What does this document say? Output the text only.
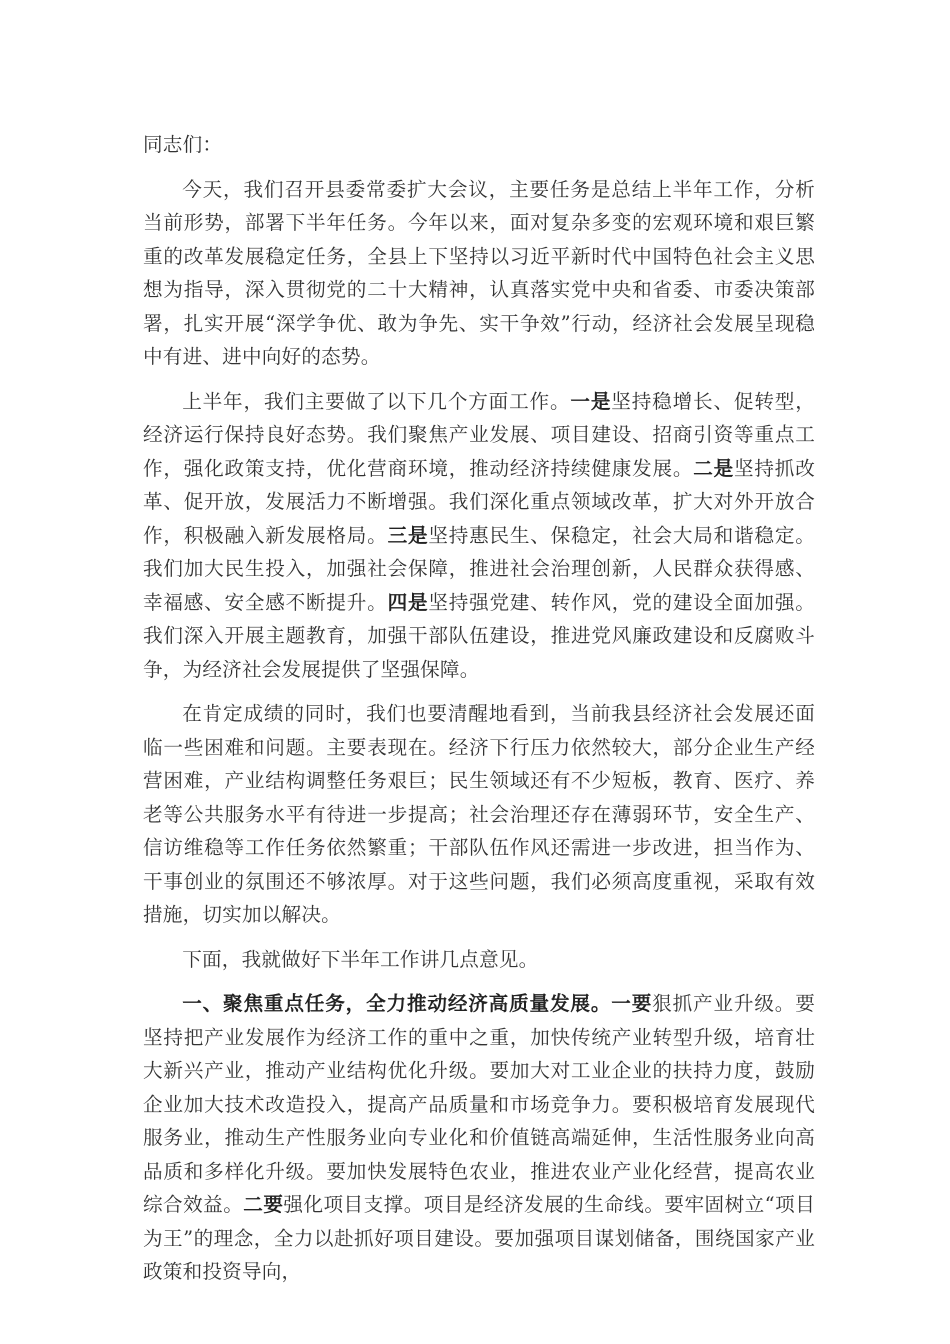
同志们：

今天，我们召开县委常委扩大会议，主要任务是总结上半年工作，分析当前形势，部署下半年任务。今年以来，面对复杂多变的宏观环境和艰巨繁重的改革发展稳定任务，全县上下坚持以习近平新时代中国特色社会主义思想为指导，深入贯彻党的二十大精神，认真落实党中央和省委、市委决策部署，扎实开展“深学争优、敢为争先、实干争效”行动，经济社会发展呈现稳中有进、进中向好的态势。

上半年，我们主要做了以下几个方面工作。一是坚持稳增长、促转型，经济运行保持良好态势。我们聚焦产业发展、项目建设、招商引资等重点工作，强化政策支持，优化营商环境，推动经济持续健康发展。二是坚持抓改革、促开放，发展活力不断增强。我们深化重点领域改革，扩大对外开放合作，积极融入新发展格局。三是坚持惠民生、保稳定，社会大局和谐稳定。我们加大民生投入，加强社会保障，推进社会治理创新，人民群众获得感、幸福感、安全感不断提升。四是坚持强党建、转作风，党的建设全面加强。我们深入开展主题教育，加强干部队伍建设，推进党风廉政建设和反腐败斗争，为经济社会发展提供了坚强保障。

在肯定成绩的同时，我们也要清醒地看到，当前我县经济社会发展还面临一些困难和问题。主要表现在。经济下行压力依然较大，部分企业生产经营困难，产业结构调整任务艰巨；民生领域还有不少短板，教育、医疗、养老等公共服务水平有待进一步提高；社会治理还存在薄弱环节，安全生产、信访维稳等工作任务依然繁重；干部队伍作风还需进一步改进，担当作为、干事创业的氛围还不够浓厚。对于这些问题，我们必须高度重视，采取有效措施，切实加以解决。

下面，我就做好下半年工作讲几点意见。

一、聚焦重点任务，全力推动经济高质量发展。一要狠抓产业升级。要坚持把产业发展作为经济工作的重中之重，加快传统产业转型升级，培育壮大新兴产业，推动产业结构优化升级。要加大对工业企业的扶持力度，鼓励企业加大技术改造投入，提高产品质量和市场竞争力。要积极培育发展现代服务业，推动生产性服务业向专业化和价值链高端延伸，生活性服务业向高品质和多样化升级。要加快发展特色农业，推进农业产业化经营，提高农业综合效益。二要强化项目支撑。项目是经济发展的生命线。要牢固树立“项目为王”的理念，全力以赴抓好项目建设。要加强项目谋划储备，围绕国家产业政策和投资导向，
